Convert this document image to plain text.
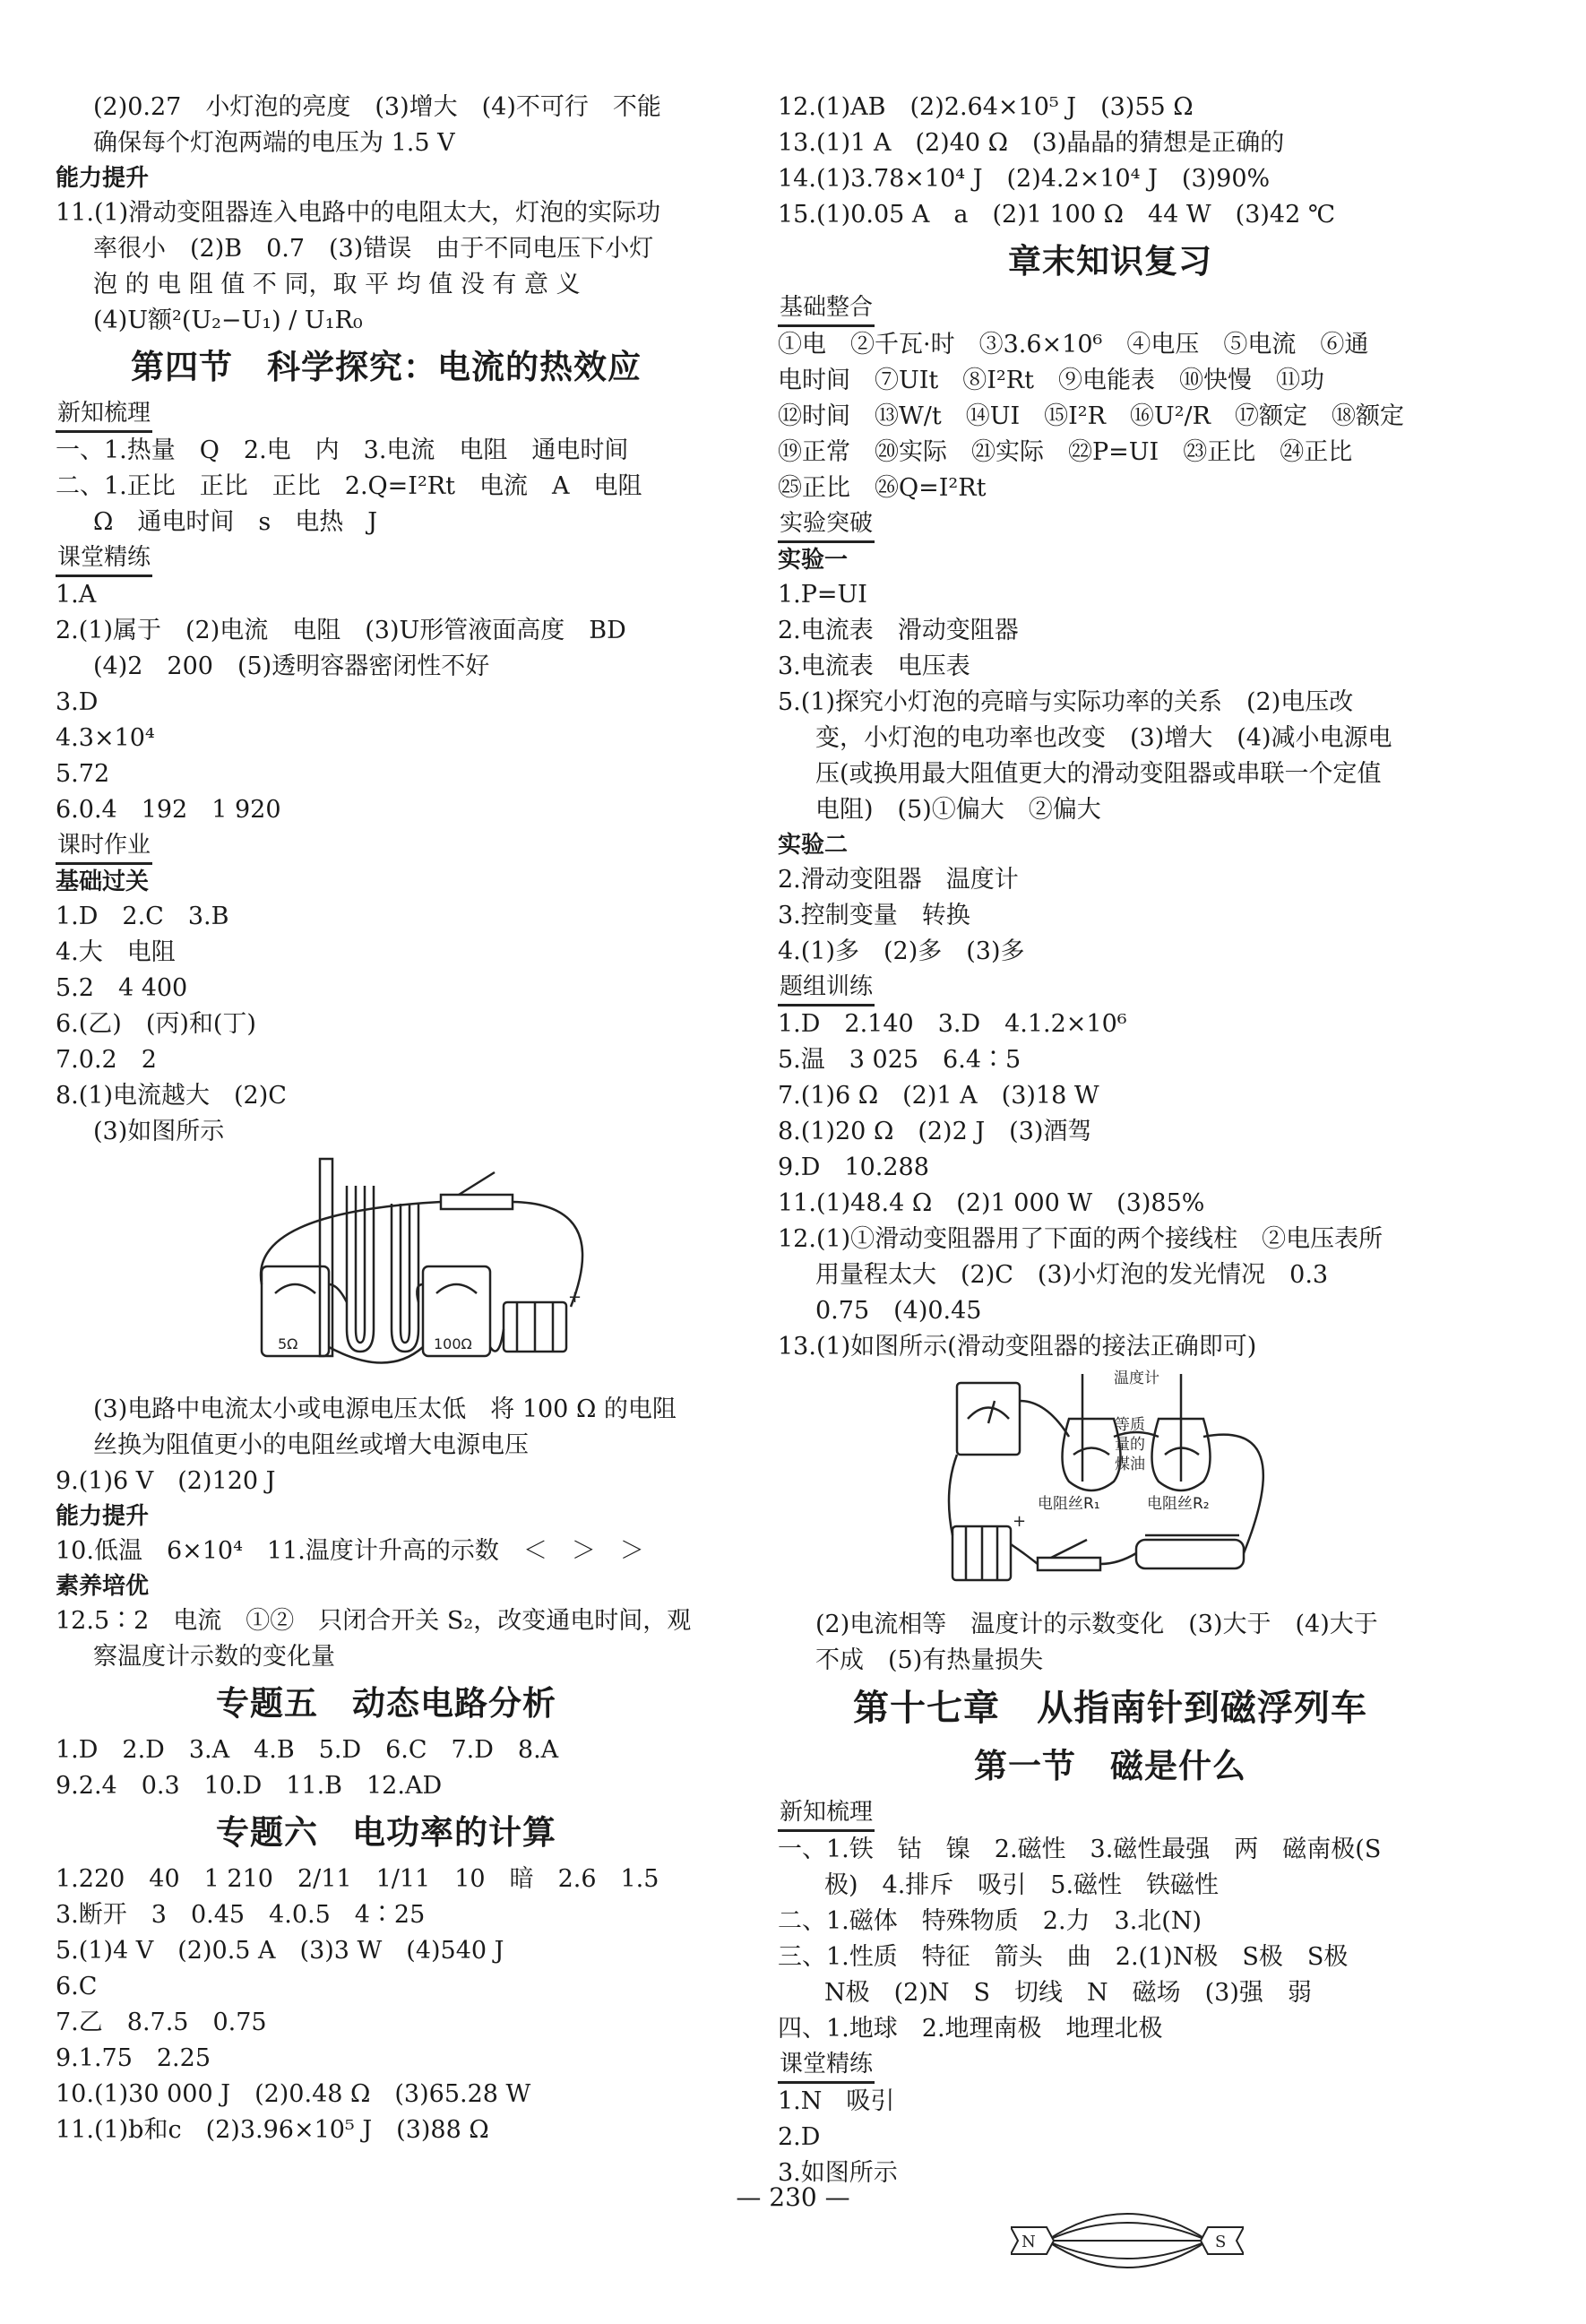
(2)0.27　小灯泡的亮度　(3)增大　(4)不可行　不能
确保每个灯泡两端的电压为 1.5 V
能力提升
11.(1)滑动变阻器连入电路中的电阻太大，灯泡的实际功
率很小　(2)B　0.7　(3)错误　由于不同电压下小灯
泡 的 电 阻 值 不 同，取 平 均 值 没 有 意 义
(4)U额²(U₂−U₁) / U₁R₀
第四节　科学探究：电流的热效应
新知梳理
一、1.热量　Q　2.电　内　3.电流　电阻　通电时间
二、1.正比　正比　正比　2.Q=I²Rt　电流　A　电阻
Ω　通电时间　s　电热　J
课堂精练
1.A
2.(1)属于　(2)电流　电阻　(3)U形管液面高度　BD
(4)2　200　(5)透明容器密闭性不好
3.D
4.3×10⁴
5.72
6.0.4　192　1 920
课时作业
基础过关
1.D　2.C　3.B
4.大　电阻
5.2　4 400
6.(乙)　(丙)和(丁)
7.0.2　2
8.(1)电流越大　(2)C
(3)如图所示
5Ω	100Ω
+
(3)电路中电流太小或电源电压太低　将 100 Ω 的电阻
丝换为阻值更小的电阻丝或增大电源电压
9.(1)6 V　(2)120 J
能力提升
10.低温　6×10⁴　11.温度计升高的示数　＜　＞　＞
素养培优
12.5∶2　电流　①②　只闭合开关 S₂，改变通电时间，观
察温度计示数的变化量
专题五　动态电路分析
1.D　2.D　3.A　4.B　5.D　6.C　7.D　8.A
9.2.4　0.3　10.D　11.B　12.AD
专题六　电功率的计算
1.220　40　1 210　2/11　1/11　10　暗　2.6　1.5
3.断开　3　0.45　4.0.5　4∶25
5.(1)4 V　(2)0.5 A　(3)3 W　(4)540 J
6.C
7.乙　8.7.5　0.75
9.1.75　2.25
10.(1)30 000 J　(2)0.48 Ω　(3)65.28 W
11.(1)b和c　(2)3.96×10⁵ J　(3)88 Ω
12.(1)AB　(2)2.64×10⁵ J　(3)55 Ω
13.(1)1 A　(2)40 Ω　(3)晶晶的猜想是正确的
14.(1)3.78×10⁴ J　(2)4.2×10⁴ J　(3)90%
15.(1)0.05 A　a　(2)1 100 Ω　44 W　(3)42 ℃
章末知识复习
基础整合
①电　②千瓦·时　③3.6×10⁶　④电压　⑤电流　⑥通
电时间　⑦UIt　⑧I²Rt　⑨电能表　⑩快慢　⑪功
⑫时间　⑬W/t　⑭UI　⑮I²R　⑯U²/R　⑰额定　⑱额定
⑲正常　⑳实际　㉑实际　㉒P=UI　㉓正比　㉔正比
㉕正比　㉖Q=I²Rt
实验突破
实验一
1.P=UI
2.电流表　滑动变阻器
3.电流表　电压表
5.(1)探究小灯泡的亮暗与实际功率的关系　(2)电压改
变，小灯泡的电功率也改变　(3)增大　(4)减小电源电
压(或换用最大阻值更大的滑动变阻器或串联一个定值
电阻)　(5)①偏大　②偏大
实验二
2.滑动变阻器　温度计
3.控制变量　转换
4.(1)多　(2)多　(3)多
题组训练
1.D　2.140　3.D　4.1.2×10⁶
5.温　3 025　6.4∶5
7.(1)6 Ω　(2)1 A　(3)18 W
8.(1)20 Ω　(2)2 J　(3)酒驾
9.D　10.288
11.(1)48.4 Ω　(2)1 000 W　(3)85%
12.(1)①滑动变阻器用了下面的两个接线柱　②电压表所
用量程太大　(2)C　(3)小灯泡的发光情况　0.3
0.75　(4)0.45
13.(1)如图所示(滑动变阻器的接法正确即可)
温度计
等质
量的
煤油
电阻丝R₁	电阻丝R₂
+
(2)电流相等　温度计的示数变化　(3)大于　(4)大于
不成　(5)有热量损失
第十七章　从指南针到磁浮列车
第一节　磁是什么
新知梳理
一、1.铁　钴　镍　2.磁性　3.磁性最强　两　磁南极(S
极)　4.排斥　吸引　5.磁性　铁磁性
二、1.磁体　特殊物质　2.力　3.北(N)
三、1.性质　特征　箭头　曲　2.(1)N极　S极　S极
N极　(2)N　S　切线　N　磁场　(3)强　弱
四、1.地球　2.地理南极　地理北极
课堂精练
1.N　吸引
2.D
3.如图所示
N	S
— 230 —
